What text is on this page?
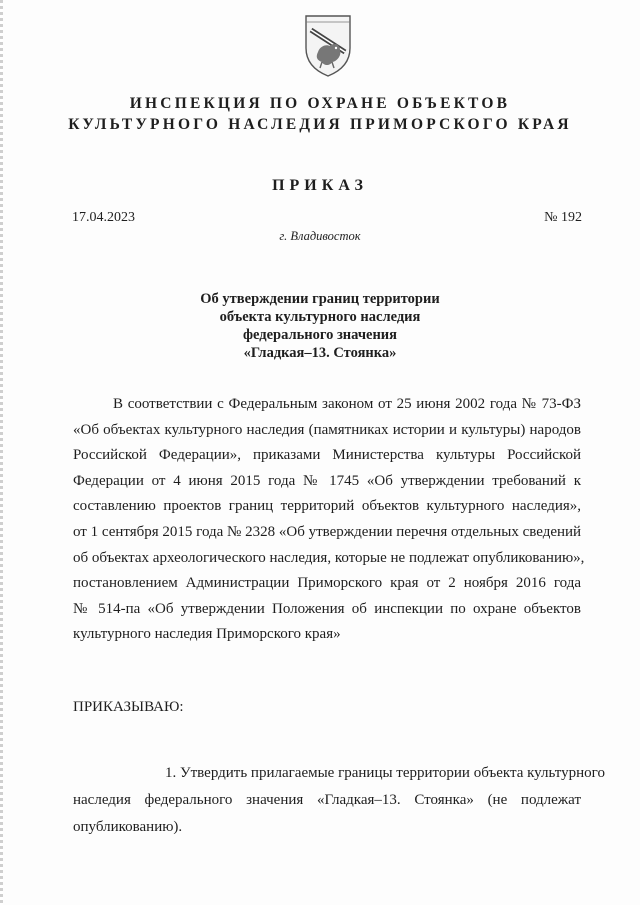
ИНСПЕКЦИЯ ПО ОХРАНЕ ОБЪЕКТОВ
КУЛЬТУРНОГО НАСЛЕДИЯ ПРИМОРСКОГО КРАЯ
ПРИКАЗ
17.04.2023	№ 192
г. Владивосток
Об утверждении границ территории
объекта культурного наследия
федерального значения
«Гладкая–13. Стоянка»
В соответствии с Федеральным законом от 25 июня 2002 года № 73-ФЗ
«Об объектах культурного наследия (памятниках истории и культуры) народов
Российской Федерации», приказами Министерства культуры Российской
Федерации от 4 июня 2015 года № 1745 «Об утверждении требований к
составлению проектов границ территорий объектов культурного наследия»,
от 1 сентября 2015 года № 2328 «Об утверждении перечня отдельных сведений
об объектах археологического наследия, которые не подлежат опубликованию»,
постановлением Администрации Приморского края от 2 ноября 2016 года
№ 514-па «Об утверждении Положения об инспекции по охране объектов
культурного наследия Приморского края»
ПРИКАЗЫВАЮ:
1. Утвердить прилагаемые границы территории объекта культурного
наследия федерального значения «Гладкая–13. Стоянка» (не подлежат
опубликованию).
